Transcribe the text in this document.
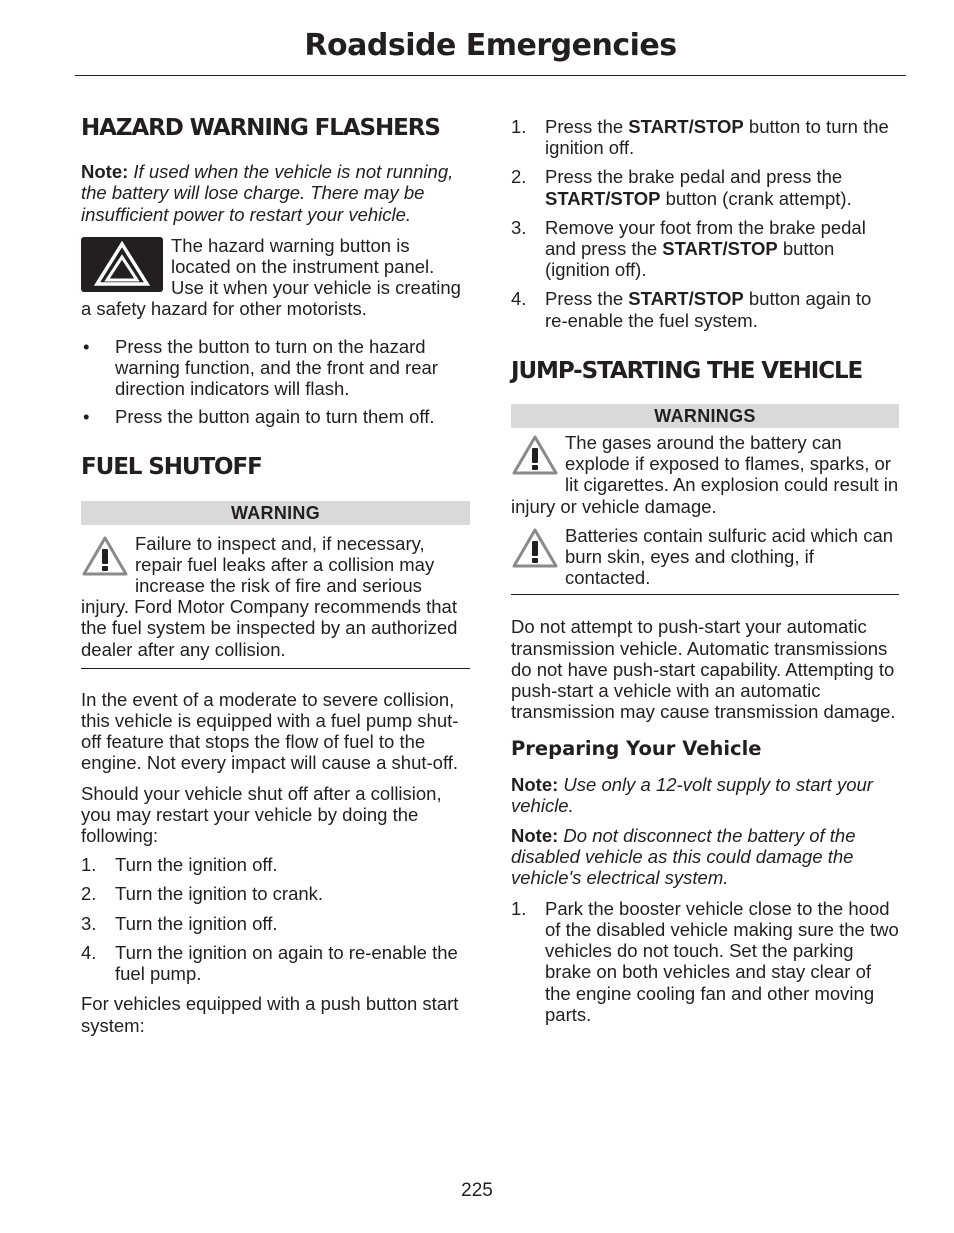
Roadside Emergencies
HAZARD WARNING FLASHERS

Note: If used when the vehicle is not running, the battery will lose charge. There may be insufficient power to restart your vehicle.

The hazard warning button is located on the instrument panel. Use it when your vehicle is creating a safety hazard for other motorists.

• Press the button to turn on the hazard warning function, and the front and rear direction indicators will flash.
• Press the button again to turn them off.
FUEL SHUTOFF
WARNING

Failure to inspect and, if necessary, repair fuel leaks after a collision may increase the risk of fire and serious injury. Ford Motor Company recommends that the fuel system be inspected by an authorized dealer after any collision.

In the event of a moderate to severe collision, this vehicle is equipped with a fuel pump shut-off feature that stops the flow of fuel to the engine. Not every impact will cause a shut-off.

Should your vehicle shut off after a collision, you may restart your vehicle by doing the following:

1. Turn the ignition off.
2. Turn the ignition to crank.
3. Turn the ignition off.
4. Turn the ignition on again to re-enable the fuel pump.

For vehicles equipped with a push button start system:

1. Press the START/STOP button to turn the ignition off.
2. Press the brake pedal and press the START/STOP button (crank attempt).
3. Remove your foot from the brake pedal and press the START/STOP button (ignition off).
4. Press the START/STOP button again to re-enable the fuel system.
JUMP-STARTING THE VEHICLE
WARNINGS

The gases around the battery can explode if exposed to flames, sparks, or lit cigarettes. An explosion could result in injury or vehicle damage.

Batteries contain sulfuric acid which can burn skin, eyes and clothing, if contacted.

Do not attempt to push-start your automatic transmission vehicle. Automatic transmissions do not have push-start capability. Attempting to push-start a vehicle with an automatic transmission may cause transmission damage.

Preparing Your Vehicle

Note: Use only a 12-volt supply to start your vehicle.

Note: Do not disconnect the battery of the disabled vehicle as this could damage the vehicle's electrical system.

1. Park the booster vehicle close to the hood of the disabled vehicle making sure the two vehicles do not touch. Set the parking brake on both vehicles and stay clear of the engine cooling fan and other moving parts.
225
